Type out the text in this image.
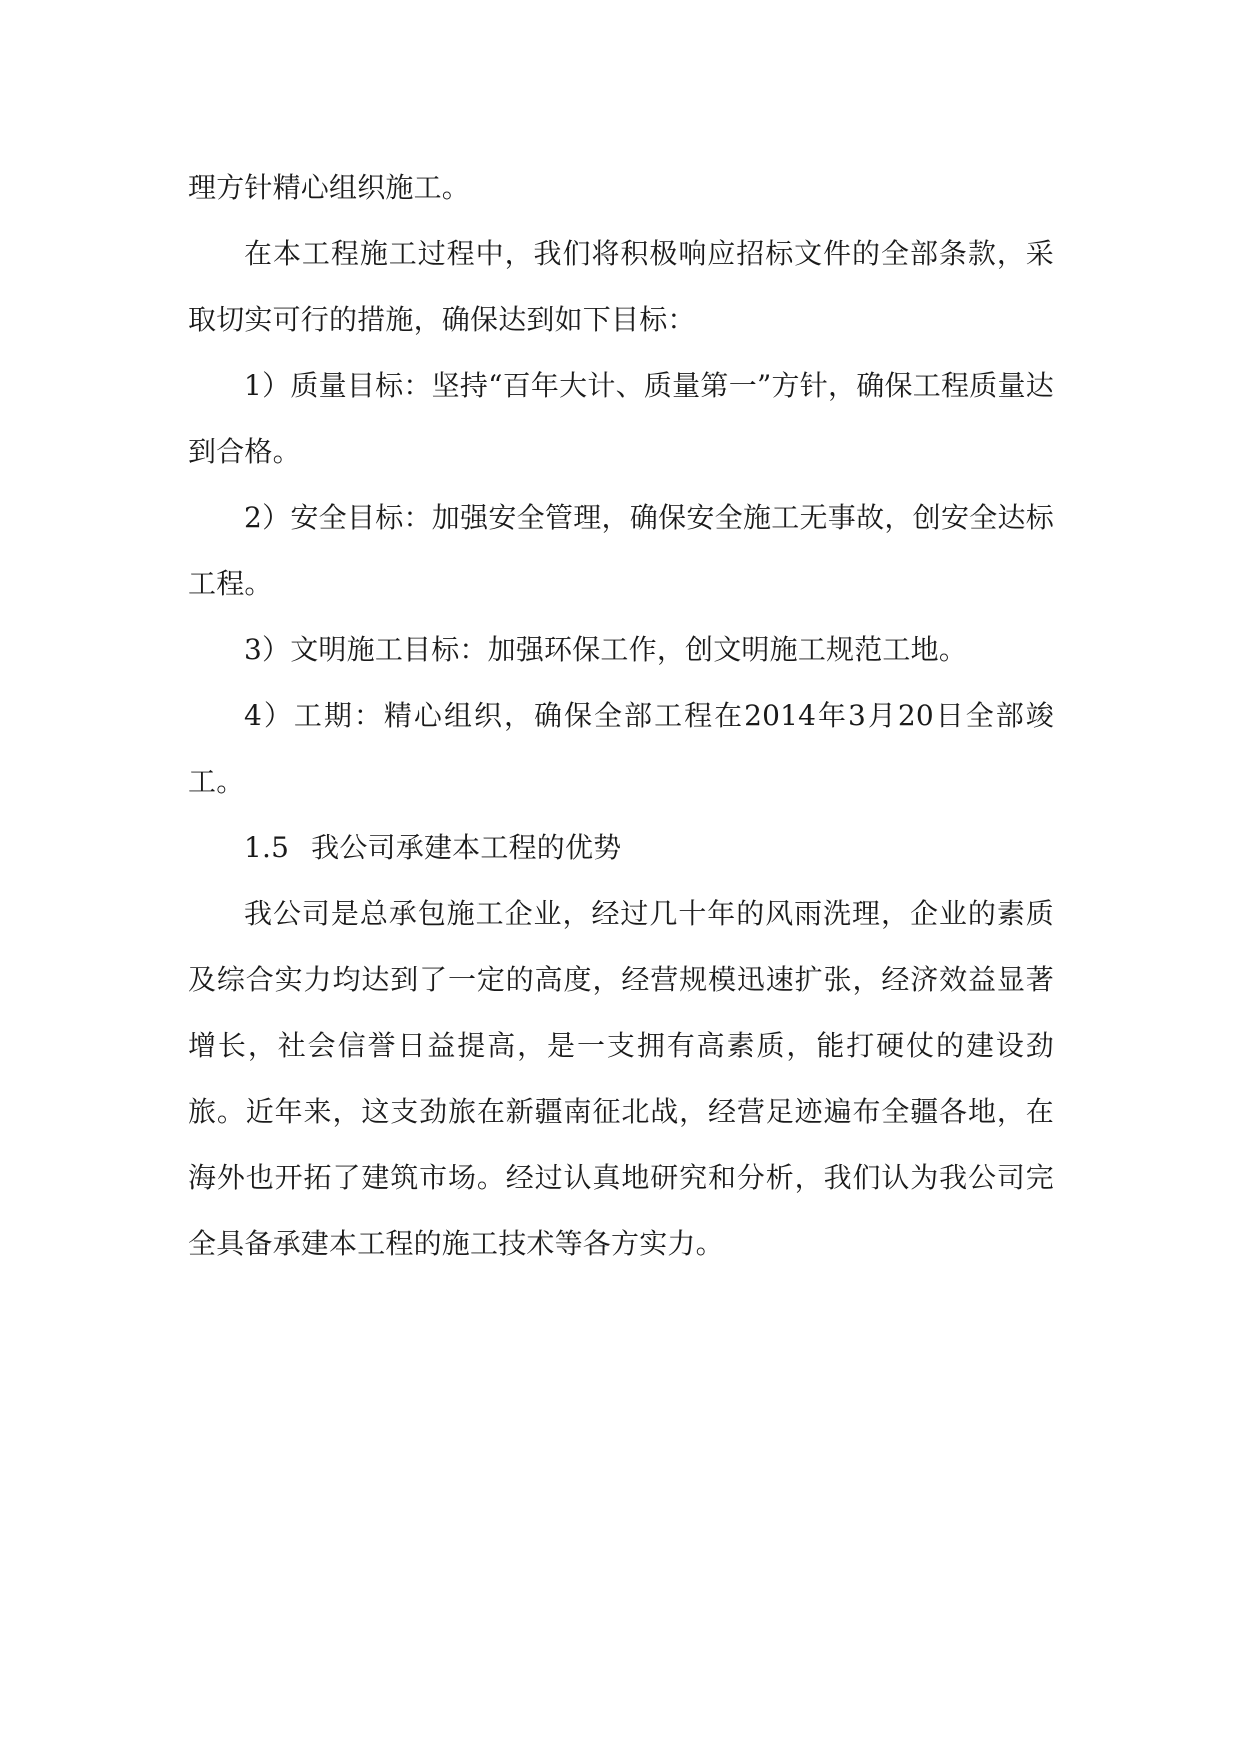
理方针精心组织施工。

在本工程施工过程中，我们将积极响应招标文件的全部条款，采取切实可行的措施，确保达到如下目标：

1）质量目标：坚持“百年大计、质量第一”方针，确保工程质量达到合格。

2）安全目标：加强安全管理，确保安全施工无事故，创安全达标工程。

3）文明施工目标：加强环保工作，创文明施工规范工地。

4）工期：精心组织，确保全部工程在2014年3月20日全部竣工。

1.5 我公司承建本工程的优势

我公司是总承包施工企业，经过几十年的风雨洗理，企业的素质及综合实力均达到了一定的高度，经营规模迅速扩张，经济效益显著增长，社会信誉日益提高，是一支拥有高素质，能打硬仗的建设劲旅。近年来，这支劲旅在新疆南征北战，经营足迹遍布全疆各地，在海外也开拓了建筑市场。经过认真地研究和分析，我们认为我公司完全具备承建本工程的施工技术等各方实力。
